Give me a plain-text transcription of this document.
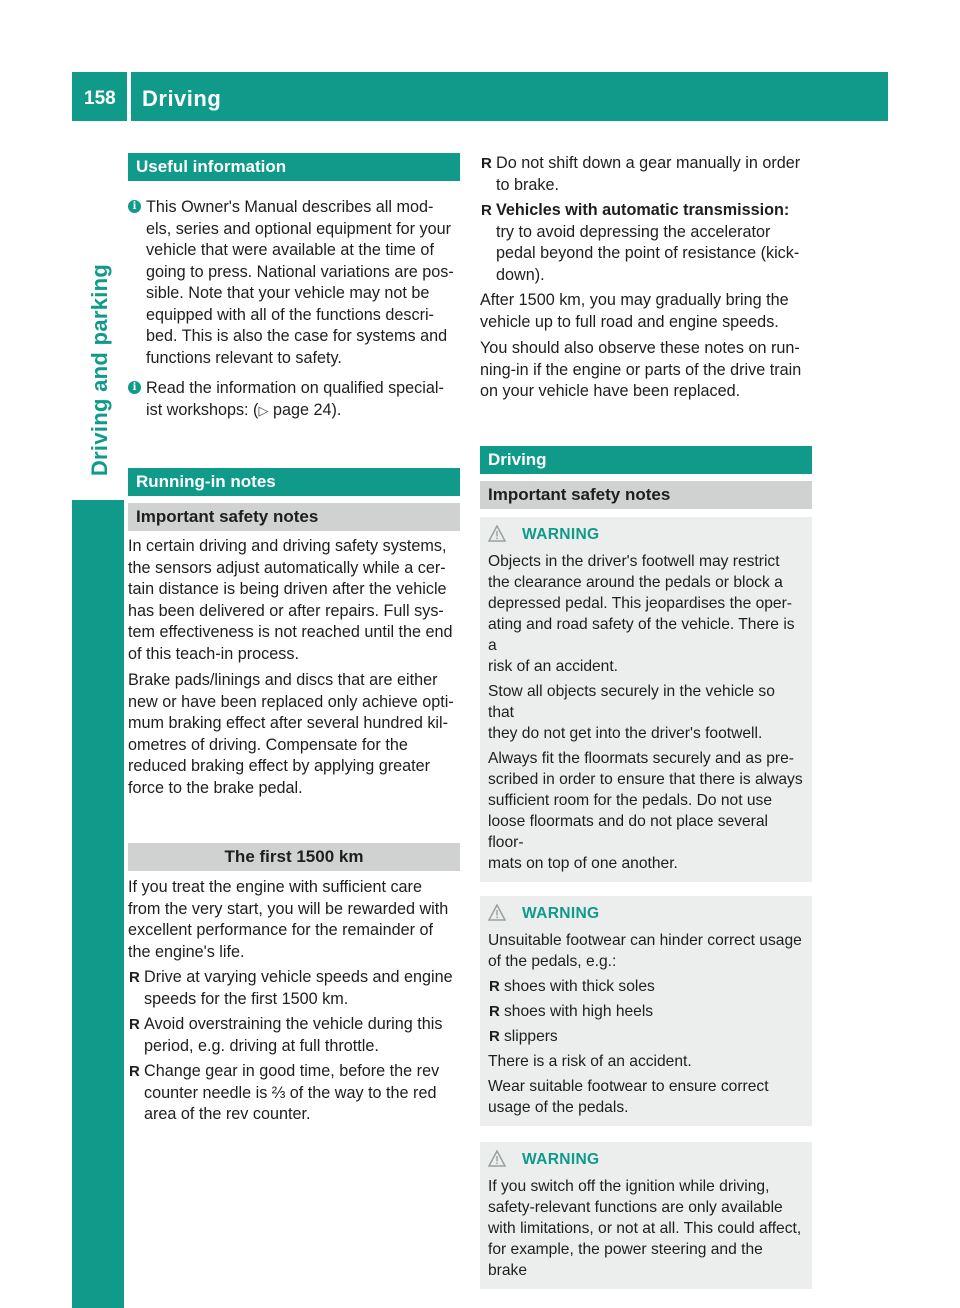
158 Driving
Driving and parking
Useful information
i This Owner's Manual describes all mod-

els, series and optional equipment for your

vehicle that were available at the time of

going to press. National variations are pos-

sible. Note that your vehicle may not be

equipped with all of the functions descri-

bed. This is also the case for systems and

functions relevant to safety.

i Read the information on qualified special-

ist workshops: (▷ page 24).

Running-in notes
Important safety notes

In certain driving and driving safety systems,

the sensors adjust automatically while a cer-

tain distance is being driven after the vehicle

has been delivered or after repairs. Full sys-

tem effectiveness is not reached until the end

of this teach-in process.

Brake pads/linings and discs that are either

new or have been replaced only achieve opti-

mum braking effect after several hundred kil-

ometres of driving. Compensate for the

reduced braking effect by applying greater

force to the brake pedal.

The first 1500 km

If you treat the engine with sufficient care

from the very start, you will be rewarded with

excellent performance for the remainder of

the engine's life.

R Drive at varying vehicle speeds and engine

speeds for the first 1500 km.

R Avoid overstraining the vehicle during this

period, e.g. driving at full throttle.

R Change gear in good time, before the rev

counter needle is ⅔ of the way to the red

area of the rev counter.

R Do not shift down a gear manually in order

to brake.

R Vehicles with automatic transmission:

try to avoid depressing the accelerator

pedal beyond the point of resistance (kick-

down).

After 1500 km, you may gradually bring the

vehicle up to full road and engine speeds.

You should also observe these notes on run-

ning-in if the engine or parts of the drive train

on your vehicle have been replaced.

Driving
Important safety notes
WARNING

Objects in the driver's footwell may restrict

the clearance around the pedals or block a

depressed pedal. This jeopardises the oper-

ating and road safety of the vehicle. There is a

risk of an accident.

Stow all objects securely in the vehicle so that

they do not get into the driver's footwell.

Always fit the floormats securely and as pre-

scribed in order to ensure that there is always

sufficient room for the pedals. Do not use

loose floormats and do not place several floor-

mats on top of one another.

WARNING

Unsuitable footwear can hinder correct usage

of the pedals, e.g.:

R shoes with thick soles

R shoes with high heels

R slippers

There is a risk of an accident.

Wear suitable footwear to ensure correct

usage of the pedals.

WARNING

If you switch off the ignition while driving,

safety-relevant functions are only available

with limitations, or not at all. This could affect,

for example, the power steering and the brake
